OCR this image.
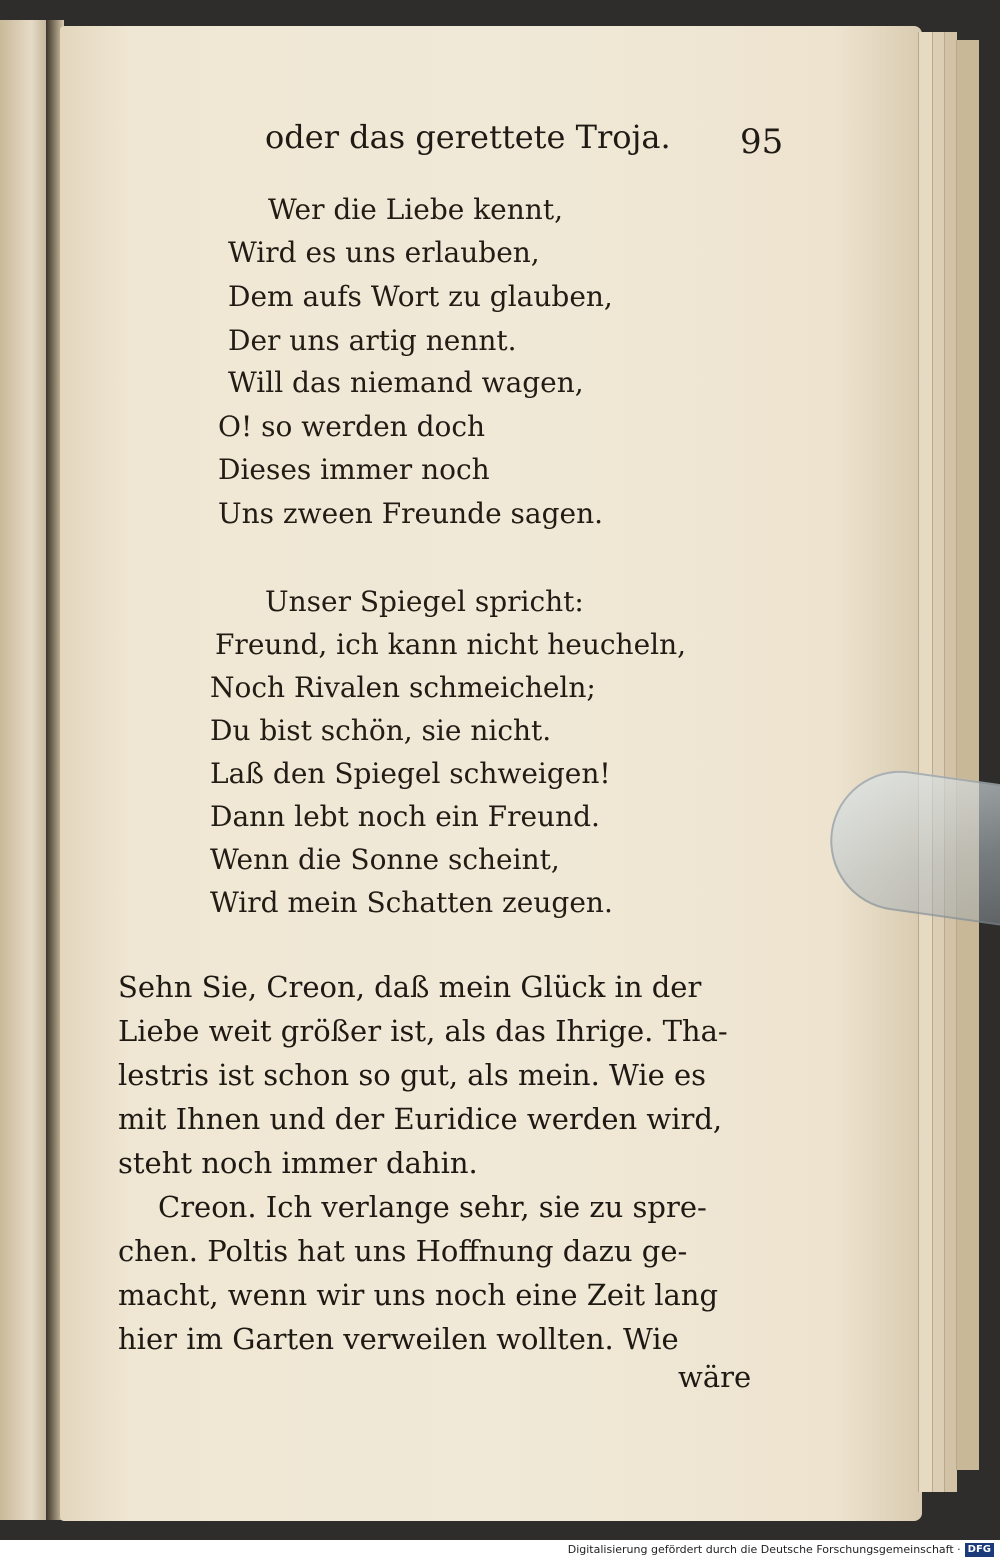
oder das gerettete Troja. 95
Wer die Liebe kennt,
Wird es uns erlauben,
Dem aufs Wort zu glauben,
Der uns artig nennt.
Will das niemand wagen,
O! so werden doch
Dieses immer noch
Uns zween Freunde sagen.
Unser Spiegel spricht:
Freund, ich kann nicht heucheln,
Noch Rivalen schmeicheln;
Du bist schön, sie nicht.
Laß den Spiegel schweigen!
Dann lebt noch ein Freund.
Wenn die Sonne scheint,
Wird mein Schatten zeugen.
Sehn Sie, Creon, daß mein Glück in der
Liebe weit größer ist, als das Ihrige. Tha-
lestris ist schon so gut, als mein. Wie es
mit Ihnen und der Euridice werden wird,
steht noch immer dahin.
Creon. Ich verlange sehr, sie zu spre-
chen. Poltis hat uns Hoffnung dazu ge-
macht, wenn wir uns noch eine Zeit lang
hier im Garten verweilen wollten. Wie
wäre
Digitalisierung gefördert durch die Deutsche Forschungsgemeinschaft · DFG
